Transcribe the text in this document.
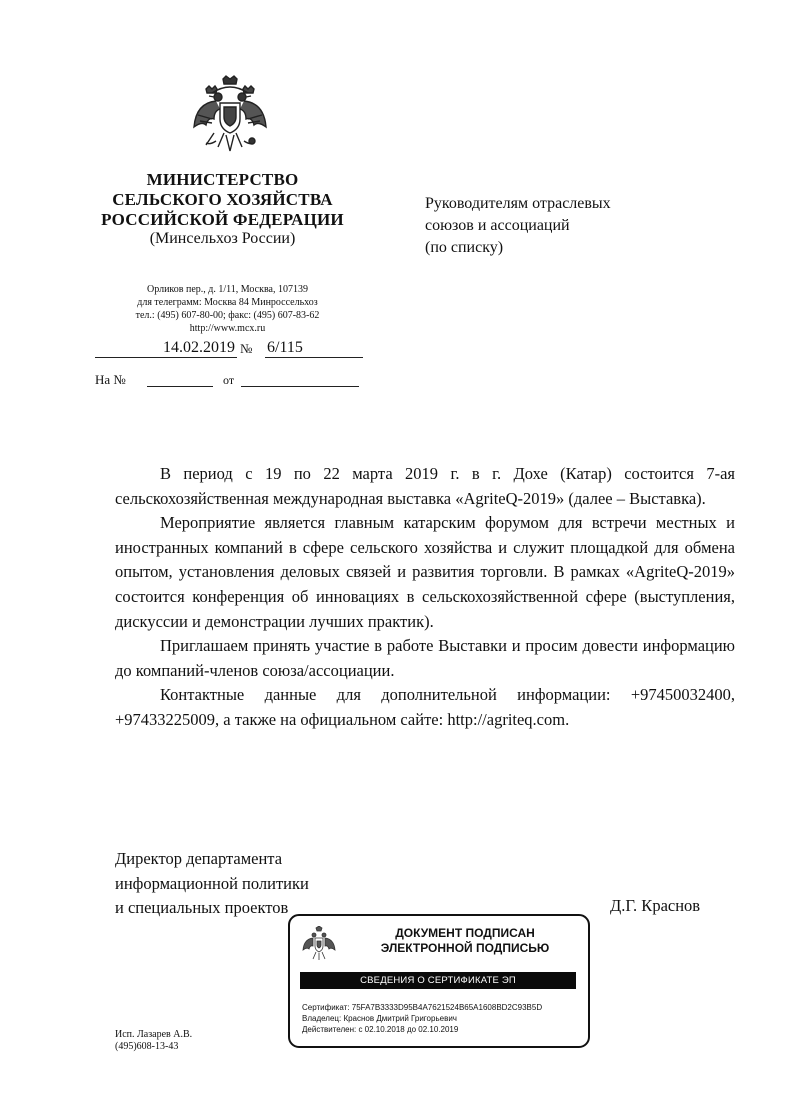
МИНИСТЕРСТВО
СЕЛЬСКОГО ХОЗЯЙСТВА
РОССИЙСКОЙ ФЕДЕРАЦИИ
(Минсельхоз России)
Орликов пер., д. 1/11, Москва, 107139
для телеграмм: Москва 84 Минроссельхоз
тел.: (495) 607-80-00; факс: (495) 607-83-62
http://www.mcx.ru
14.02.2019 № 6/115
На №	от
Руководителям отраслевых
союзов и ассоциаций
(по списку)

В период с 19 по 22 марта 2019 г. в г. Дохе (Катар) состоится 7-ая сельскохозяйственная международная выставка «AgriteQ-2019» (далее – Выставка).

Мероприятие является главным катарским форумом для встречи местных и иностранных компаний в сфере сельского хозяйства и служит площадкой для обмена опытом, установления деловых связей и развития торговли. В рамках «AgriteQ-2019» состоится конференция об инновациях в сельскохозяйственной сфере (выступления, дискуссии и демонстрации лучших практик).

Приглашаем принять участие в работе Выставки и просим довести информацию до компаний-членов союза/ассоциации.

Контактные данные для дополнительной информации: +97450032400, +97433225009, а также на официальном сайте: http://agriteq.com.

Директор департамента
информационной политики
и специальных проектов	Д.Г. Краснов
ДОКУМЕНТ ПОДПИСАН
ЭЛЕКТРОННОЙ ПОДПИСЬЮ
СВЕДЕНИЯ О СЕРТИФИКАТЕ ЭП
Сертификат: 75FA7B3333D95B4A7621524B65A1608BD2C93B5D
Владелец: Краснов Дмитрий Григорьевич
Действителен: с 02.10.2018 до 02.10.2019
Исп. Лазарев А.В.
(495)608-13-43
